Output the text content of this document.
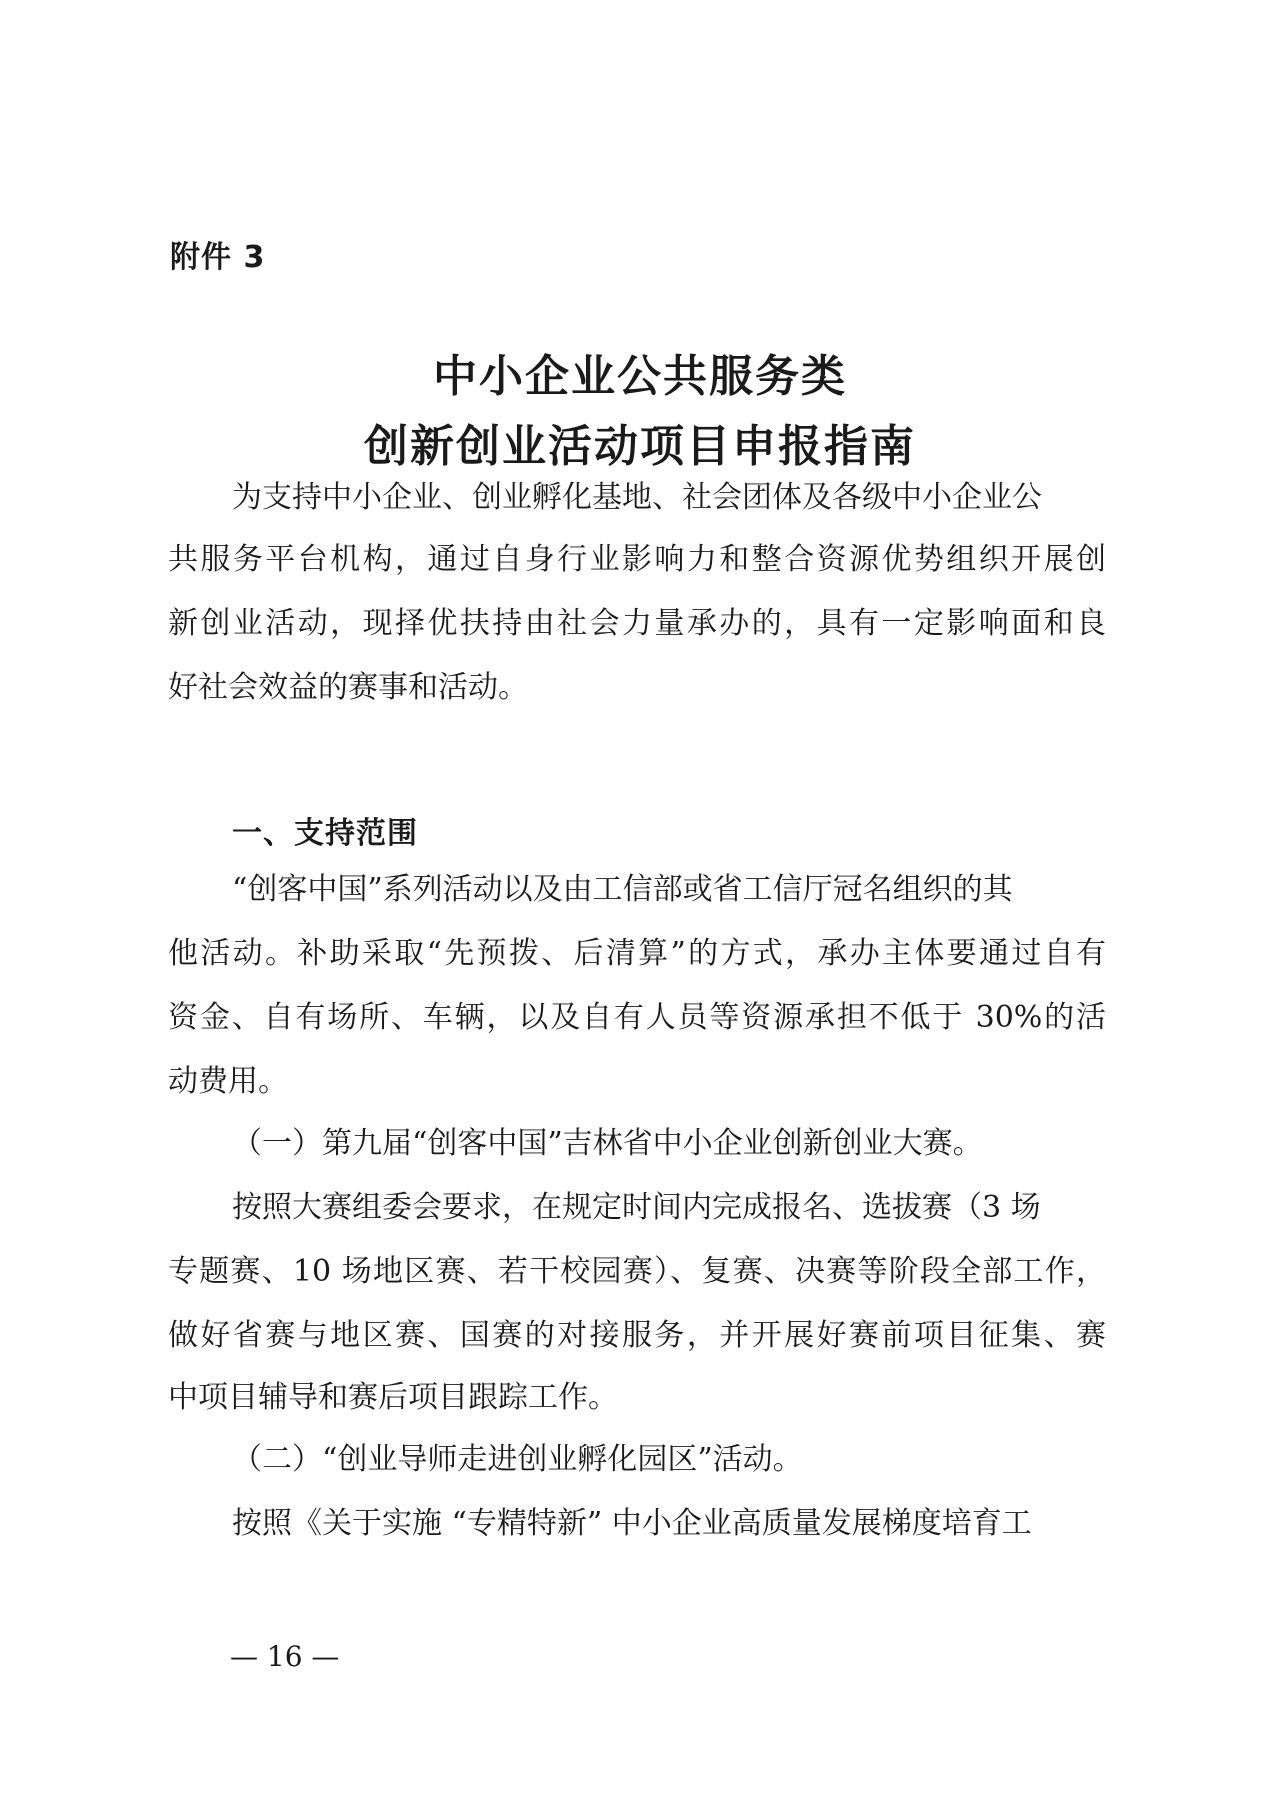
附件 3
中小企业公共服务类
创新创业活动项目申报指南
为支持中小企业、创业孵化基地、社会团体及各级中小企业公
共服务平台机构，通过自身行业影响力和整合资源优势组织开展创
新创业活动，现择优扶持由社会力量承办的，具有一定影响面和良
好社会效益的赛事和活动。
一、支持范围
“创客中国”系列活动以及由工信部或省工信厅冠名组织的其
他活动。补助采取“先预拨、后清算”的方式，承办主体要通过自有
资金、自有场所、车辆，以及自有人员等资源承担不低于 30%的活
动费用。
（一）第九届“创客中国”吉林省中小企业创新创业大赛。
按照大赛组委会要求，在规定时间内完成报名、选拔赛（3 场
专题赛、10 场地区赛、若干校园赛）、复赛、决赛等阶段全部工作，
做好省赛与地区赛、国赛的对接服务，并开展好赛前项目征集、赛
中项目辅导和赛后项目跟踪工作。
（二）“创业导师走进创业孵化园区”活动。
按照《关于实施 “专精特新” 中小企业高质量发展梯度培育工
— 16 —
